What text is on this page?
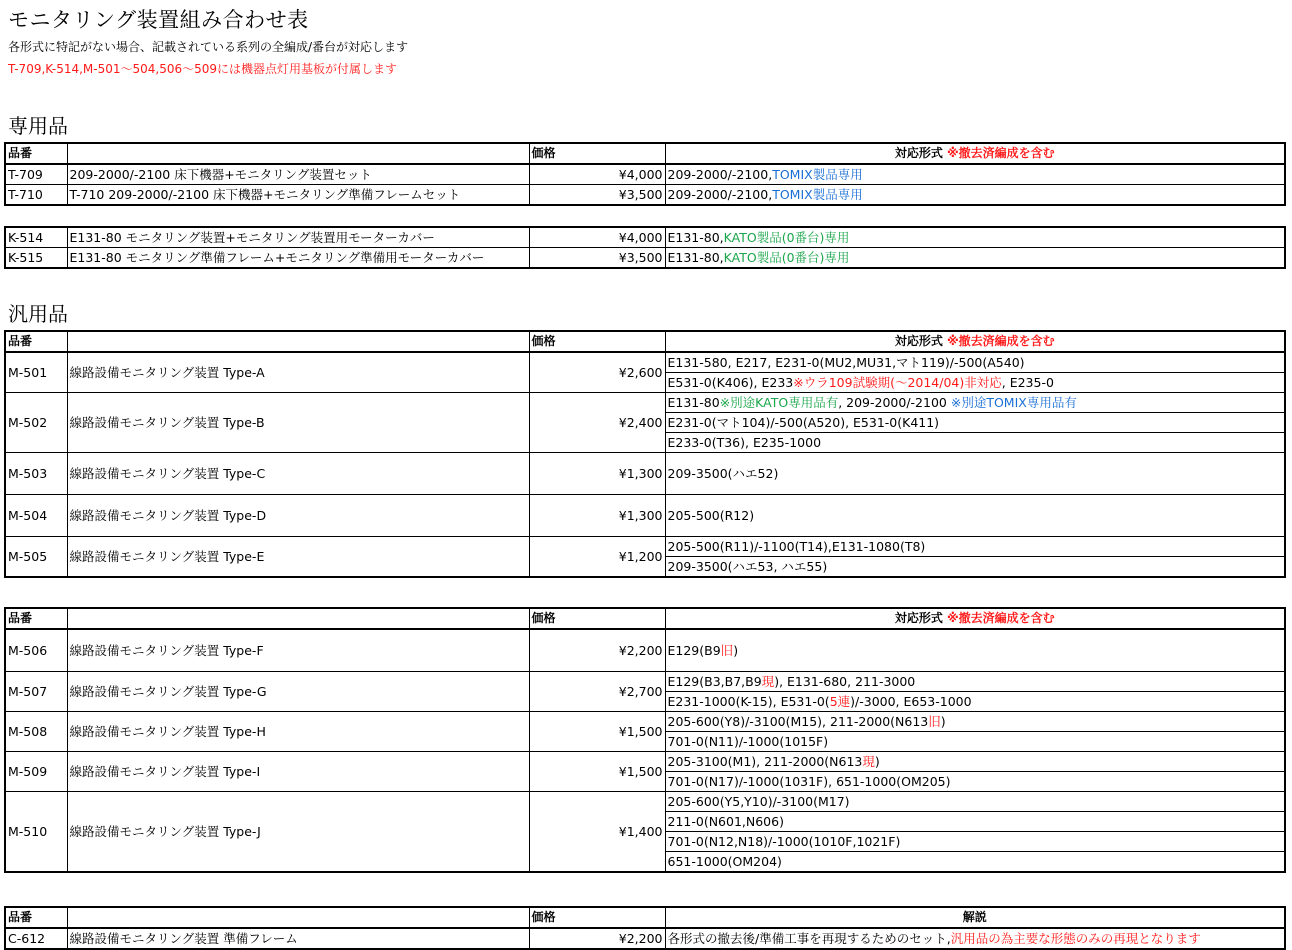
モニタリング装置組み合わせ表
各形式に特記がない場合、記載されている系列の全編成/番台が対応します
T-709,K-514,M-501～504,506～509には機器点灯用基板が付属します
専用品
品番		価格	対応形式 ※撤去済編成を含む
T-709	209-2000/-2100 床下機器+モニタリング装置セット	¥4,000	209-2000/-2100,TOMIX製品専用
T-710	T-710 209-2000/-2100 床下機器+モニタリング準備フレームセット	¥3,500	209-2000/-2100,TOMIX製品専用
K-514	E131-80 モニタリング装置+モニタリング装置用モーターカバー	¥4,000	E131-80,KATO製品(0番台)専用
K-515	E131-80 モニタリング準備フレーム+モニタリング準備用モーターカバー	¥3,500	E131-80,KATO製品(0番台)専用
汎用品
品番		価格	対応形式 ※撤去済編成を含む
M-501	線路設備モニタリング装置 Type-A	¥2,600	E131-580, E217, E231-0(MU2,MU31,マト119)/-500(A540)
			E531-0(K406), E233※ウラ109試験期(～2014/04)非対応, E235-0
M-502	線路設備モニタリング装置 Type-B	¥2,400	E131-80※別途KATO専用品有, 209-2000/-2100 ※別途TOMIX専用品有
			E231-0(マト104)/-500(A520), E531-0(K411)
			E233-0(T36), E235-1000
M-503	線路設備モニタリング装置 Type-C	¥1,300	209-3500(ハエ52)
M-504	線路設備モニタリング装置 Type-D	¥1,300	205-500(R12)
M-505	線路設備モニタリング装置 Type-E	¥1,200	205-500(R11)/-1100(T14),E131-1080(T8)
			209-3500(ハエ53, ハエ55)
品番		価格	対応形式 ※撤去済編成を含む
M-506	線路設備モニタリング装置 Type-F	¥2,200	E129(B9旧)
M-507	線路設備モニタリング装置 Type-G	¥2,700	E129(B3,B7,B9現), E131-680, 211-3000
			E231-1000(K-15), E531-0(5連)/-3000, E653-1000
M-508	線路設備モニタリング装置 Type-H	¥1,500	205-600(Y8)/-3100(M15), 211-2000(N613旧)
			701-0(N11)/-1000(1015F)
M-509	線路設備モニタリング装置 Type-I	¥1,500	205-3100(M1), 211-2000(N613現)
			701-0(N17)/-1000(1031F), 651-1000(OM205)
M-510	線路設備モニタリング装置 Type-J	¥1,400	205-600(Y5,Y10)/-3100(M17)
			211-0(N601,N606)
			701-0(N12,N18)/-1000(1010F,1021F)
			651-1000(OM204)
品番		価格	解説
C-612	線路設備モニタリング装置 準備フレーム	¥2,200	各形式の撤去後/準備工事を再現するためのセット,汎用品の為主要な形態のみの再現となります
